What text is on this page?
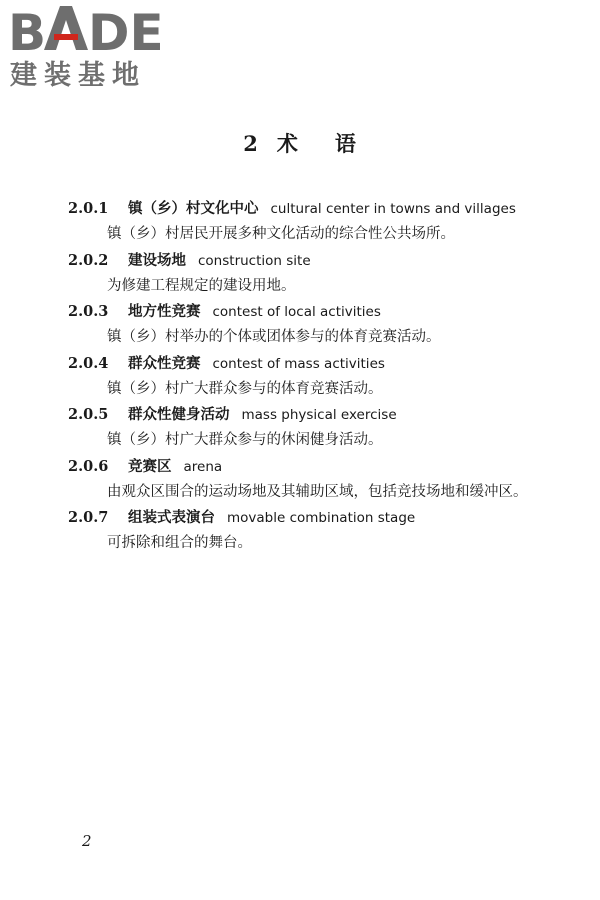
B DE
建装基地
2 术 语
2.0.1 镇（乡）村文化中心 cultural center in towns and villages

镇（乡）村居民开展多种文化活动的综合性公共场所。

2.0.2 建设场地 construction site

为修建工程规定的建设用地。

2.0.3 地方性竞赛 contest of local activities

镇（乡）村举办的个体或团体参与的体育竞赛活动。

2.0.4 群众性竞赛 contest of mass activities

镇（乡）村广大群众参与的体育竞赛活动。

2.0.5 群众性健身活动 mass physical exercise

镇（乡）村广大群众参与的休闲健身活动。

2.0.6 竞赛区 arena

由观众区围合的运动场地及其辅助区域，包括竞技场地和缓冲区。

2.0.7 组装式表演台 movable combination stage

可拆除和组合的舞台。

2
